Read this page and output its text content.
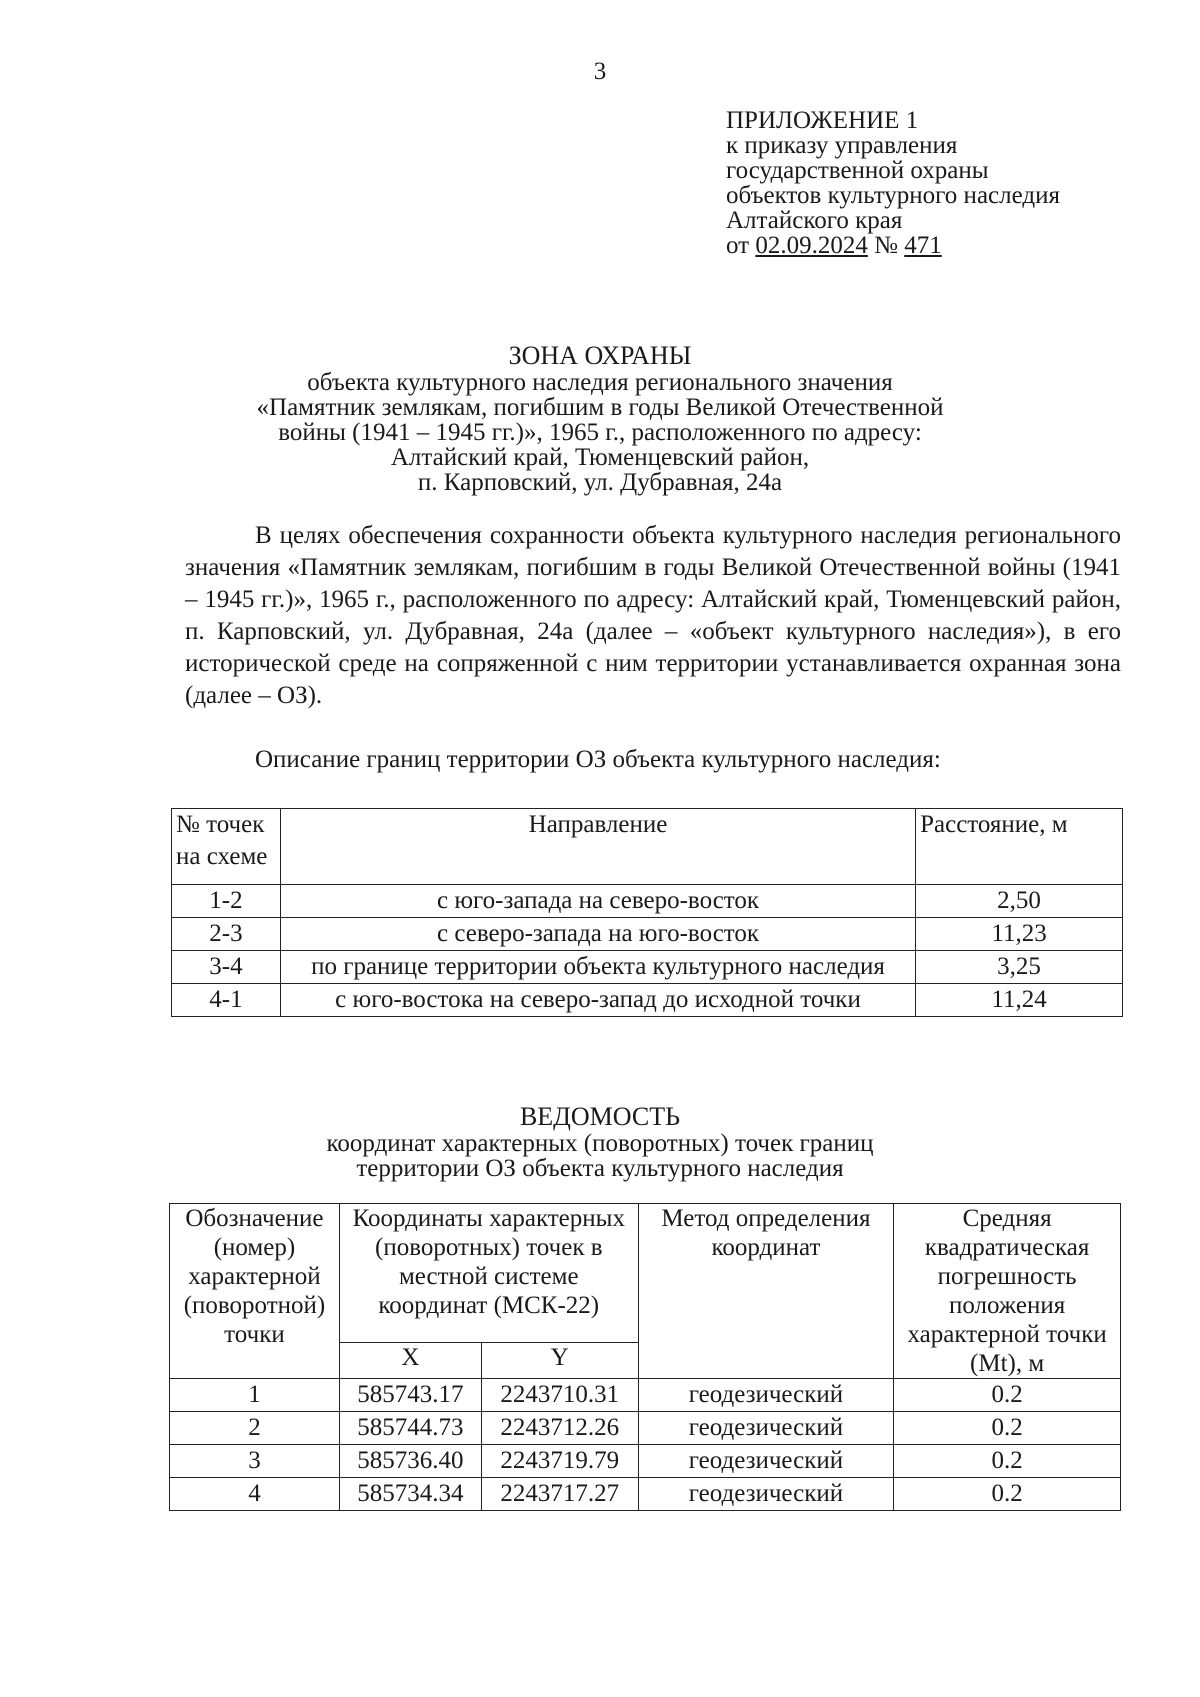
3
ПРИЛОЖЕНИЕ 1
к приказу управления
государственной охраны
объектов культурного наследия
Алтайского края
от 02.09.2024 № 471
ЗОНА ОХРАНЫ
объекта культурного наследия регионального значения
«Памятник землякам, погибшим в годы Великой Отечественной
войны (1941 – 1945 гг.)», 1965 г., расположенного по адресу:
Алтайский край, Тюменцевский район,
п. Карповский, ул. Дубравная, 24а

В целях обеспечения сохранности объекта культурного наследия регионального значения «Памятник землякам, погибшим в годы Великой Отечественной войны (1941 – 1945 гг.)», 1965 г., расположенного по адресу: Алтайский край, Тюменцевский район, п. Карповский, ул. Дубравная, 24а (далее – «объект культурного наследия»), в его исторической среде на сопряженной с ним территории устанавливается охранная зона (далее – ОЗ).

Описание границ территории ОЗ объекта культурного наследия:
№ точек на схеме	Направление	Расстояние, м
1-2	с юго-запада на северо-восток	2,50
2-3	с северо-запада на юго-восток	11,23
3-4	по границе территории объекта культурного наследия	3,25
4-1	с юго-востока на северо-запад до исходной точки	11,24
ВЕДОМОСТЬ
координат характерных (поворотных) точек границ
территории ОЗ объекта культурного наследия
Обозначение (номер) характерной (поворотной) точки	Координаты характерных (поворотных) точек в местной системе координат (МСК-22)		Метод определения координат	Средняя квадратическая погрешность положения характерной точки (Mt), м
	X	Y		
1	585743.17	2243710.31	геодезический	0.2
2	585744.73	2243712.26	геодезический	0.2
3	585736.40	2243719.79	геодезический	0.2
4	585734.34	2243717.27	геодезический	0.2
